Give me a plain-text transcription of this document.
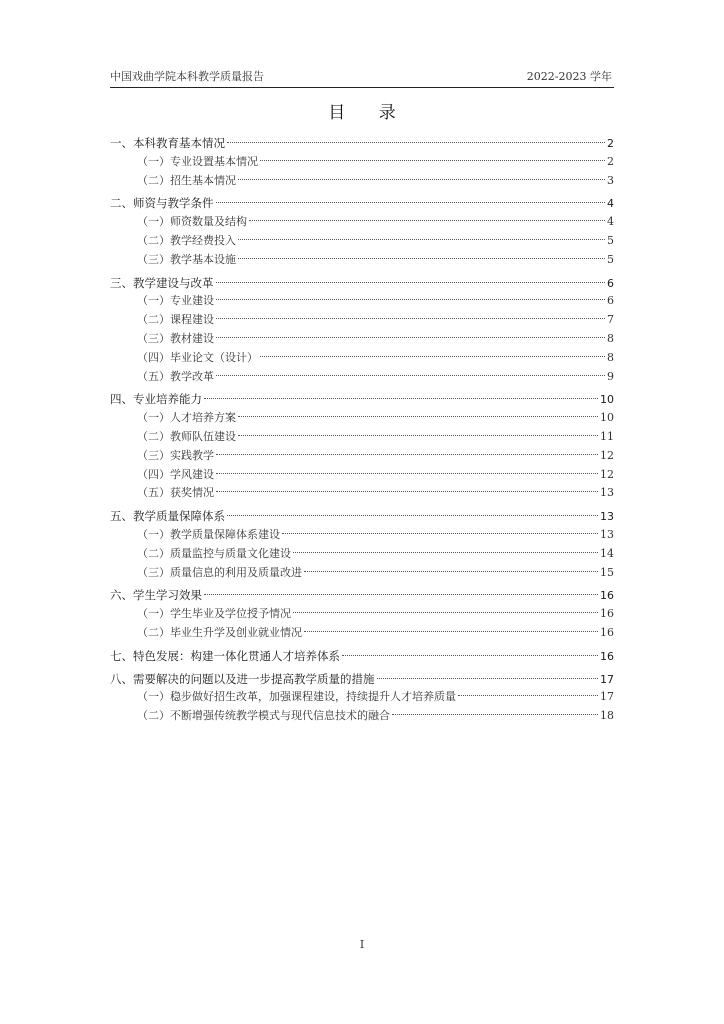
中国戏曲学院本科教学质量报告	2022-2023 学年
目 录
一、本科教育基本情况	2
（一）专业设置基本情况	2
（二）招生基本情况	3
二、师资与教学条件	4
（一）师资数量及结构	4
（二）教学经费投入	5
（三）教学基本设施	5
三、教学建设与改革	6
（一）专业建设	6
（二）课程建设	7
（三）教材建设	8
（四）毕业论文（设计）	8
（五）教学改革	9
四、专业培养能力	10
（一）人才培养方案	10
（二）教师队伍建设	11
（三）实践教学	12
（四）学风建设	12
（五）获奖情况	13
五、教学质量保障体系	13
（一）教学质量保障体系建设	13
（二）质量监控与质量文化建设	14
（三）质量信息的利用及质量改进	15
六、学生学习效果	16
（一）学生毕业及学位授予情况	16
（二）毕业生升学及创业就业情况	16
七、特色发展：构建一体化贯通人才培养体系	16
八、需要解决的问题以及进一步提高教学质量的措施	17
（一）稳步做好招生改革，加强课程建设，持续提升人才培养质量	17
（二）不断增强传统教学模式与现代信息技术的融合	18
I
